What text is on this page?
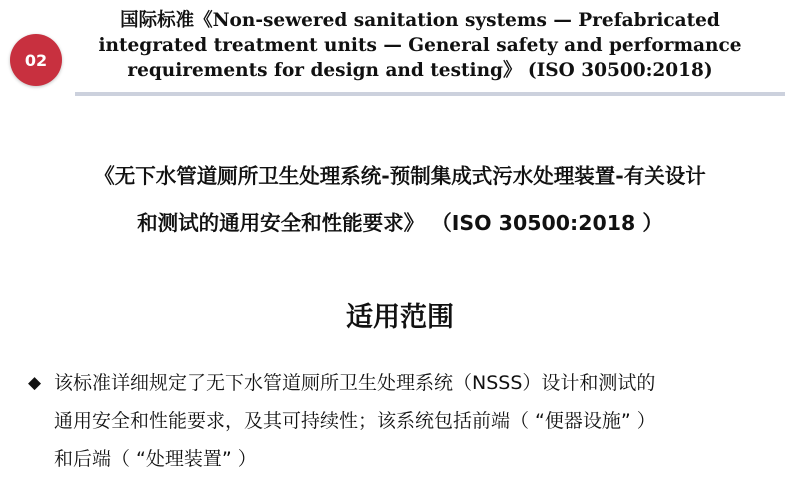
02
国际标准《Non-sewered sanitation systems — Prefabricated
integrated treatment units — General safety and performance
requirements for design and testing》 (ISO 30500:2018)
《无下水管道厕所卫生处理系统-预制集成式污水处理装置-有关设计
和测试的通用安全和性能要求》 （ISO 30500:2018 ）
适用范围
◆ 该标准详细规定了无下水管道厕所卫生处理系统（NSSS）设计和测试的
通用安全和性能要求，及其可持续性；该系统包括前端（ “便器设施” ）
和后端（ “处理装置” ）
